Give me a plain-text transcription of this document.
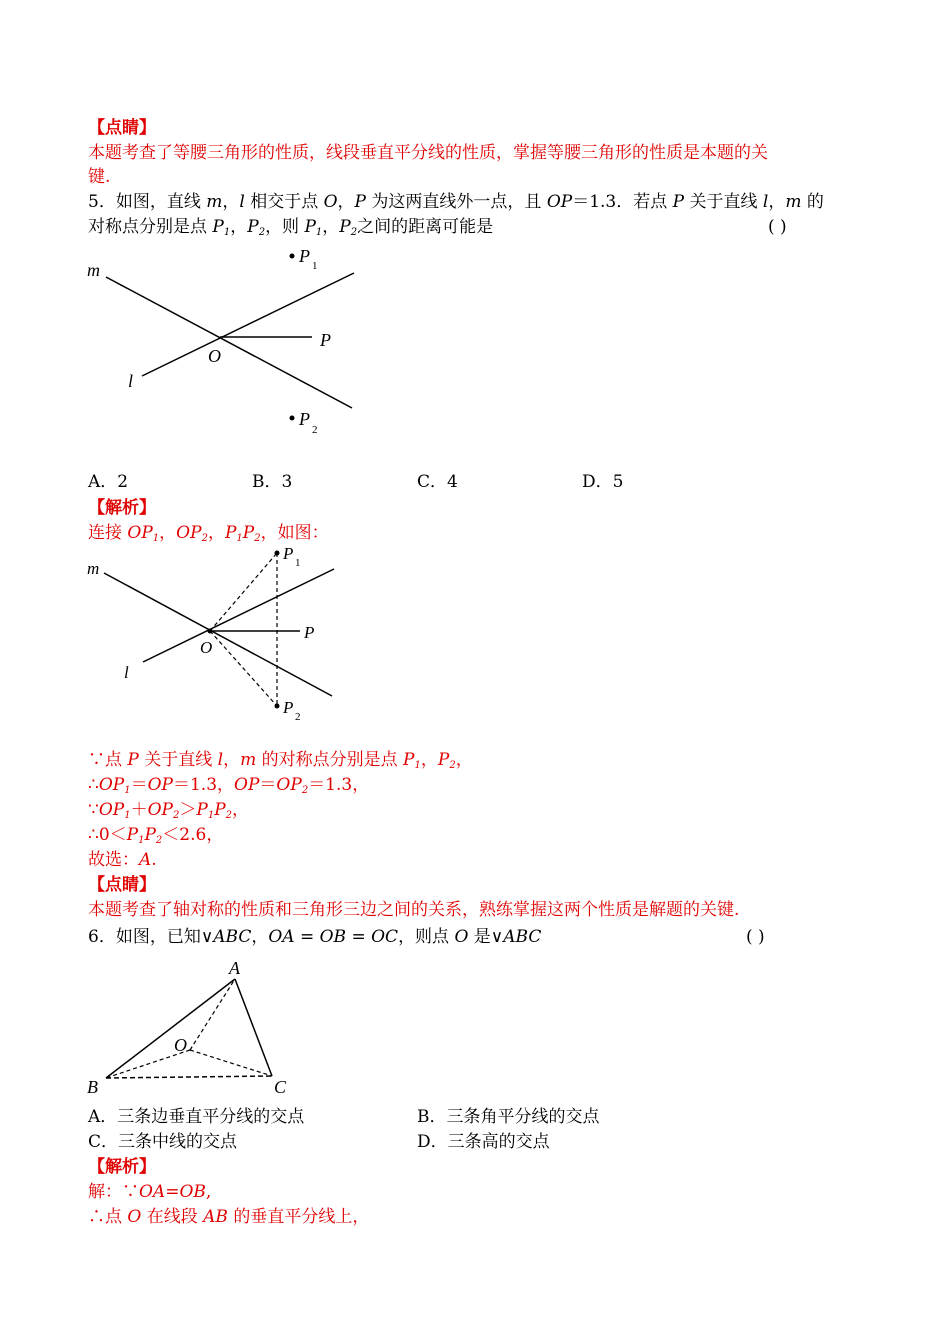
【点睛】
本题考查了等腰三角形的性质，线段垂直平分线的性质，掌握等腰三角形的性质是本题的关
键.
5．如图，直线 m，l 相交于点 O，P 为这两直线外一点，且 OP＝1.3．若点 P 关于直线 l，m 的
对称点分别是点 $P_1$，$P_2$，则 $P_1$，$P_2$之间的距离可能是	( )
m
l
O
P
P 1
P
2
A．2	B．3	C．4	D．5
【解析】
连接 $OP_1$，$OP_2$，$P_1P_2$，如图：
m
l
O
P
P 1
P 2
∵点 P 关于直线 l，m 的对称点分别是点 $P_1$，$P_2$，
$\therefore OP_1=OP=1.3$，$OP=OP_2=1.3$，
$\because OP_1+OP_2>P_1P_2$，
$\therefore 0<P_1P_2<2.6$，
故选：A.
【点睛】
本题考查了轴对称的性质和三角形三边之间的关系，熟练掌握这两个性质是解题的关键.
6．如图，已知∨ABC，OA = OB = OC，则点 O 是∨ABC	( )
A
B	C
O
A．三条边垂直平分线的交点	B．三条角平分线的交点
C．三条中线的交点	D．三条高的交点
【解析】
解：∵OA=OB,
∴点 O 在线段 AB 的垂直平分线上，
